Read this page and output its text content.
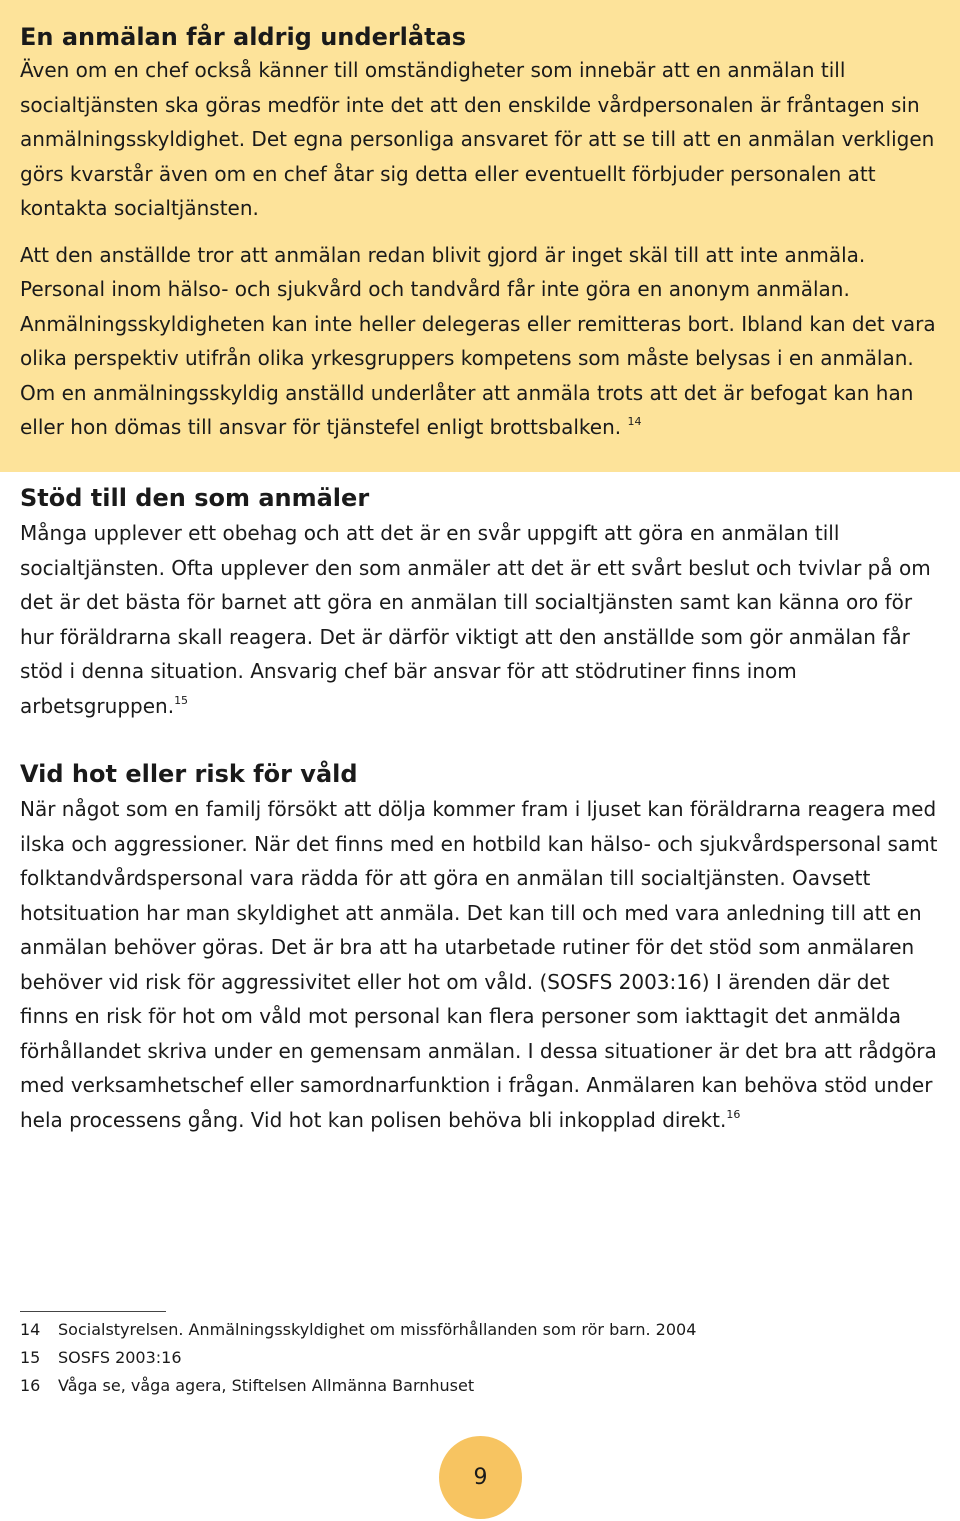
En anmälan får aldrig underlåtas

Även om en chef också känner till omständigheter som innebär att en anmälan till socialtjänsten ska göras medför inte det att den enskilde vårdpersonalen är fråntagen sin anmälningsskyldighet. Det egna personliga ansvaret för att se till att en anmälan verkligen görs kvarstår även om en chef åtar sig detta eller eventuellt förbjuder personalen att kontakta socialtjänsten.

Att den anställde tror att anmälan redan blivit gjord är inget skäl till att inte anmäla. Personal inom hälso- och sjukvård och tandvård får inte göra en anonym anmälan. Anmälningsskyldigheten kan inte heller delegeras eller remitteras bort. Ibland kan det vara olika perspektiv utifrån olika yrkesgruppers kompetens som måste belysas i en anmälan. Om en anmälningsskyldig anställd underlåter att anmäla trots att det är befogat kan han eller hon dömas till ansvar för tjänstefel enligt brottsbalken. $^{14}$

Stöd till den som anmäler

Många upplever ett obehag och att det är en svår uppgift att göra en anmälan till socialtjänsten. Ofta upplever den som anmäler att det är ett svårt beslut och tvivlar på om det är det bästa för barnet att göra en anmälan till socialtjänsten samt kan känna oro för hur föräldrarna skall reagera. Det är därför viktigt att den anställde som gör anmälan får stöd i denna situation. Ansvarig chef bär ansvar för att stödrutiner finns inom arbetsgruppen.$^{15}$

Vid hot eller risk för våld

När något som en familj försökt att dölja kommer fram i ljuset kan föräldrarna reagera med ilska och aggressioner. När det finns med en hotbild kan hälso- och sjukvårdspersonal samt folktandvårdspersonal vara rädda för att göra en anmälan till socialtjänsten. Oavsett hotsituation har man skyldighet att anmäla. Det kan till och med vara anledning till att en anmälan behöver göras. Det är bra att ha utarbetade rutiner för det stöd som anmälaren behöver vid risk för aggressivitet eller hot om våld. (SOSFS 2003:16) I ärenden där det finns en risk för hot om våld mot personal kan flera personer som iakttagit det anmälda förhållandet skriva under en gemensam anmälan. I dessa situationer är det bra att rådgöra med verksamhetschef eller samordnarfunktion i frågan. Anmälaren kan behöva stöd under hela processens gång. Vid hot kan polisen behöva bli inkopplad direkt.$^{16}$

14 Socialstyrelsen. Anmälningsskyldighet om missförhållanden som rör barn. 2004
15 SOSFS 2003:16
16 Våga se, våga agera, Stiftelsen Allmänna Barnhuset
9
